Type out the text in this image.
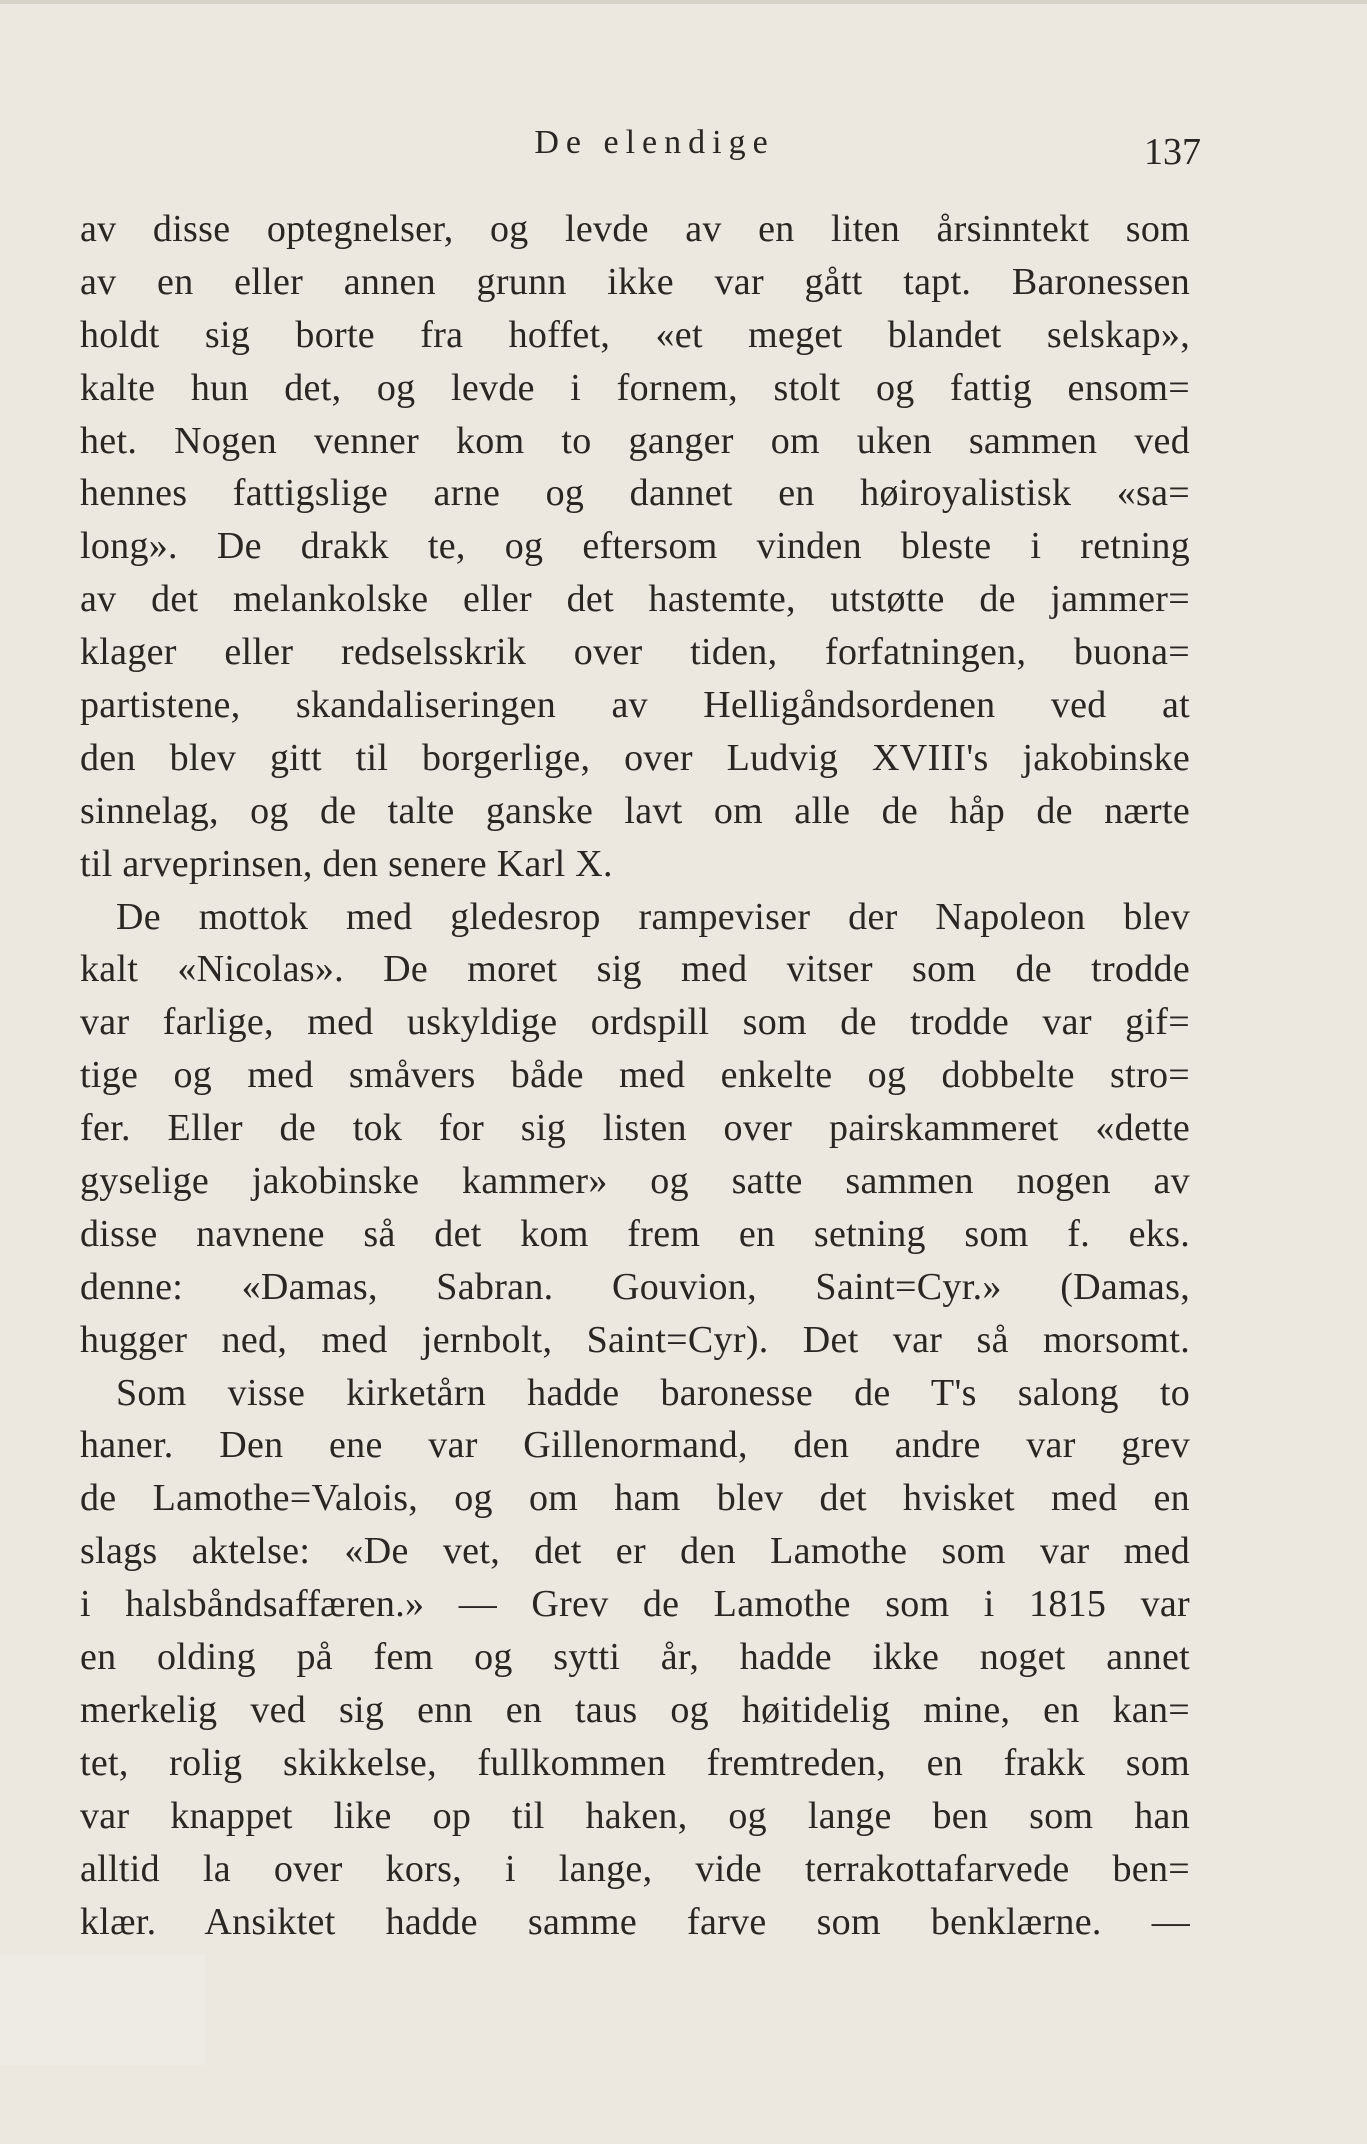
De elendige	137
av disse optegnelser, og levde av en liten årsinntekt som
av en eller annen grunn ikke var gått tapt. Baronessen
holdt sig borte fra hoffet, «et meget blandet selskap»,
kalte hun det, og levde i fornem, stolt og fattig ensom=
het. Nogen venner kom to ganger om uken sammen ved
hennes fattigslige arne og dannet en høiroyalistisk «sa=
long». De drakk te, og eftersom vinden bleste i retning
av det melankolske eller det hastemte, utstøtte de jammer=
klager eller redselsskrik over tiden, forfatningen, buona=
partistene, skandaliseringen av Helligåndsordenen ved at
den blev gitt til borgerlige, over Ludvig XVIII's jakobinske
sinnelag, og de talte ganske lavt om alle de håp de nærte
til arveprinsen, den senere Karl X.
De mottok med gledesrop rampeviser der Napoleon blev
kalt «Nicolas». De moret sig med vitser som de trodde
var farlige, med uskyldige ordspill som de trodde var gif=
tige og med småvers både med enkelte og dobbelte stro=
fer. Eller de tok for sig listen over pairskammeret «dette
gyselige jakobinske kammer» og satte sammen nogen av
disse navnene så det kom frem en setning som f. eks.
denne: «Damas, Sabran. Gouvion, Saint=Cyr.» (Damas,
hugger ned, med jernbolt, Saint=Cyr). Det var så morsomt.
Som visse kirketårn hadde baronesse de T's salong to
haner. Den ene var Gillenormand, den andre var grev
de Lamothe=Valois, og om ham blev det hvisket med en
slags aktelse: «De vet, det er den Lamothe som var med
i halsbåndsaffæren.» — Grev de Lamothe som i 1815 var
en olding på fem og sytti år, hadde ikke noget annet
merkelig ved sig enn en taus og høitidelig mine, en kan=
tet, rolig skikkelse, fullkommen fremtreden, en frakk som
var knappet like op til haken, og lange ben som han
alltid la over kors, i lange, vide terrakottafarvede ben=
klær. Ansiktet hadde samme farve som benklærne. —
